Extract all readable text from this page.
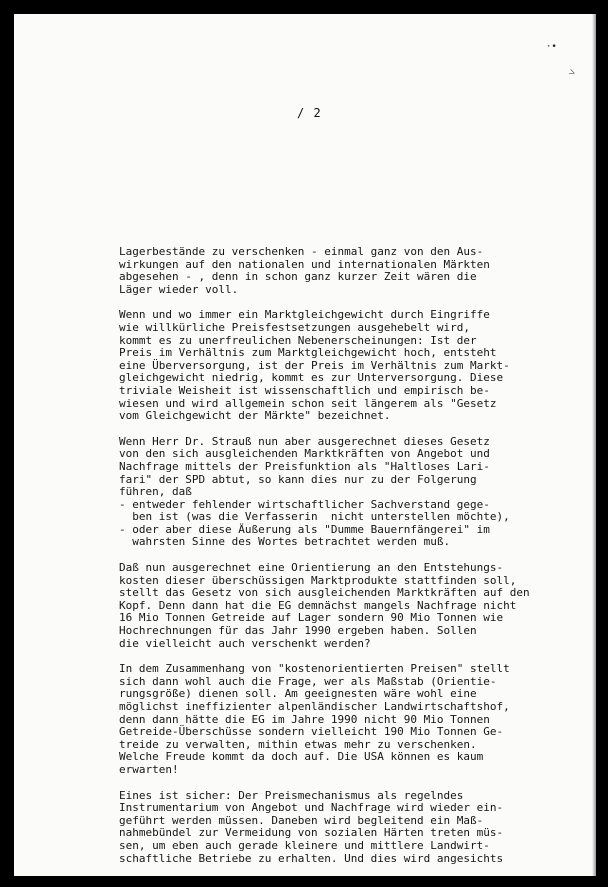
·•
˃
/ 2

Lagerbestände zu verschenken - einmal ganz von den Aus-
wirkungen auf den nationalen und internationalen Märkten
abgesehen - , denn in schon ganz kurzer Zeit wären die
Läger wieder voll.

Wenn und wo immer ein Marktgleichgewicht durch Eingriffe
wie willkürliche Preisfestsetzungen ausgehebelt wird,
kommt es zu unerfreulichen Nebenerscheinungen: Ist der
Preis im Verhältnis zum Marktgleichgewicht hoch, entsteht
eine Überversorgung, ist der Preis im Verhältnis zum Markt-
gleichgewicht niedrig, kommt es zur Unterversorgung. Diese
triviale Weisheit ist wissenschaftlich und empirisch be-
wiesen und wird allgemein schon seit längerem als "Gesetz
vom Gleichgewicht der Märkte" bezeichnet.

Wenn Herr Dr. Strauß nun aber ausgerechnet dieses Gesetz
von den sich ausgleichenden Marktkräften von Angebot und
Nachfrage mittels der Preisfunktion als "Haltloses Lari-
fari" der SPD abtut, so kann dies nur zu der Folgerung
führen, daß
- entweder fehlender wirtschaftlicher Sachverstand gege-
ben ist (was die Verfasserin  nicht unterstellen möchte),
- oder aber diese Äußerung als "Dumme Bauernfängerei" im
wahrsten Sinne des Wortes betrachtet werden muß.

Daß nun ausgerechnet eine Orientierung an den Entstehungs-
kosten dieser überschüssigen Marktprodukte stattfinden soll,
stellt das Gesetz von sich ausgleichenden Marktkräften auf den
Kopf. Denn dann hat die EG demnächst mangels Nachfrage nicht
16 Mio Tonnen Getreide auf Lager sondern 90 Mio Tonnen wie
Hochrechnungen für das Jahr 1990 ergeben haben. Sollen
die vielleicht auch verschenkt werden?

In dem Zusammenhang von "kostenorientierten Preisen" stellt
sich dann wohl auch die Frage, wer als Maßstab (Orientie-
rungsgröße) dienen soll. Am geeignesten wäre wohl eine
möglichst ineffizienter alpenländischer Landwirtschaftshof,
denn dann hätte die EG im Jahre 1990 nicht 90 Mio Tonnen
Getreide-Überschüsse sondern vielleicht 190 Mio Tonnen Ge-
treide zu verwalten, mithin etwas mehr zu verschenken.
Welche Freude kommt da doch auf. Die USA können es kaum
erwarten!

Eines ist sicher: Der Preismechanismus als regelndes
Instrumentarium von Angebot und Nachfrage wird wieder ein-
geführt werden müssen. Daneben wird begleitend ein Maß-
nahmebündel zur Vermeidung von sozialen Härten treten müs-
sen, um eben auch gerade kleinere und mittlere Landwirt-
schaftliche Betriebe zu erhalten. Und dies wird angesichts
